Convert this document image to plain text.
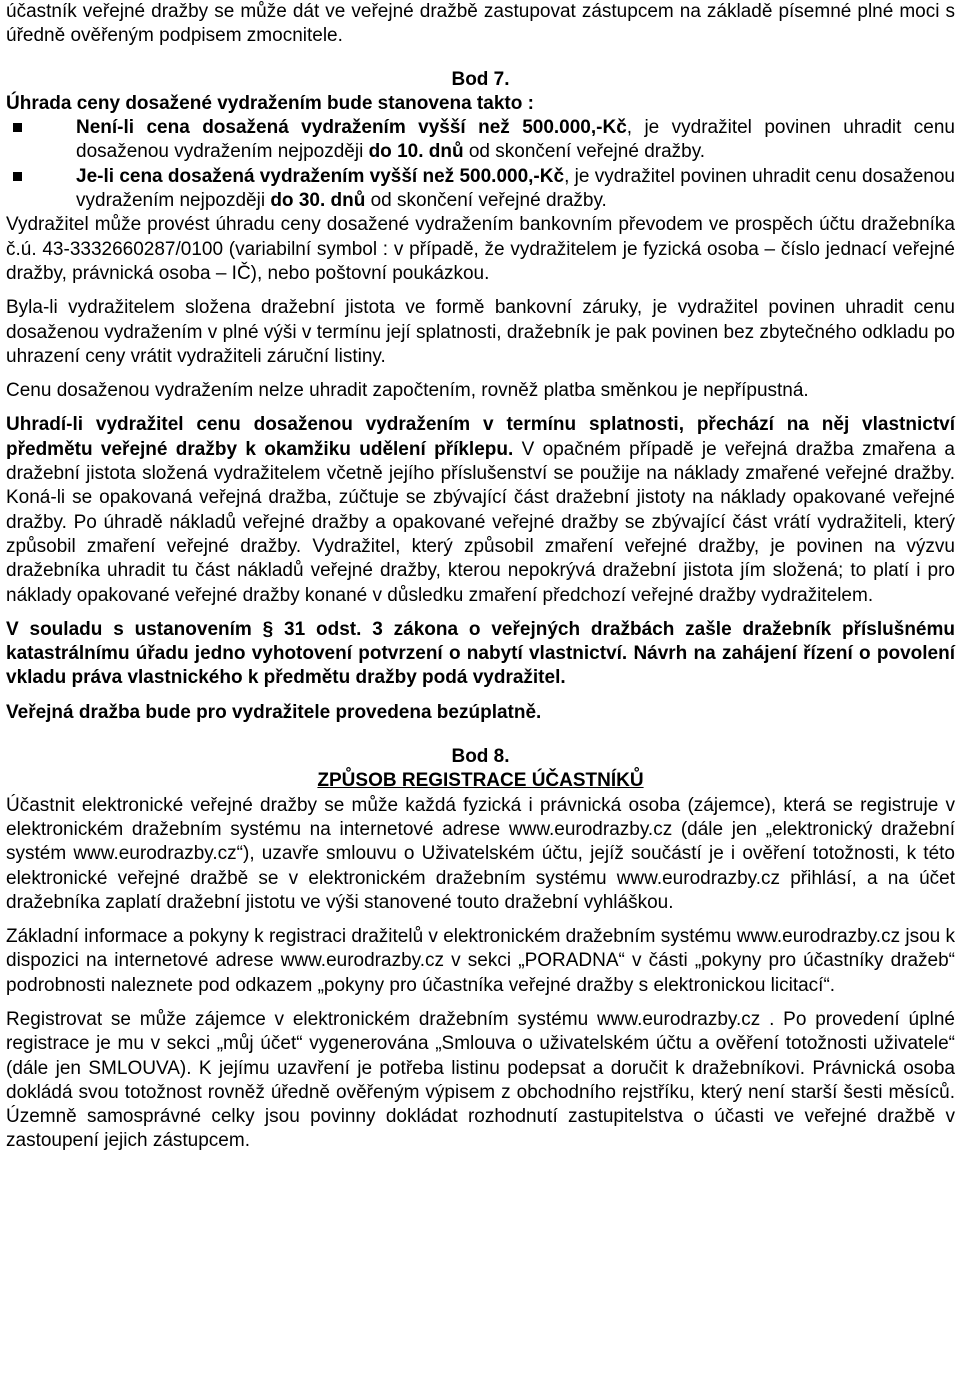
účastník veřejné dražby se může dát ve veřejné dražbě zastupovat zástupcem na základě písemné plné moci s úředně ověřeným podpisem zmocnitele.

Bod 7.

Úhrada ceny dosažené vydražením bude stanovena takto :

Není-li cena dosažená vydražením vyšší než 500.000,-Kč, je vydražitel povinen uhradit cenu dosaženou vydražením nejpozději do 10. dnů od skončení veřejné dražby.
Je-li cena dosažená vydražením vyšší než 500.000,-Kč, je vydražitel povinen uhradit cenu dosaženou vydražením nejpozději do 30. dnů od skončení veřejné dražby.

Vydražitel může provést úhradu ceny dosažené vydražením bankovním převodem ve prospěch účtu dražebníka č.ú. 43-3332660287/0100 (variabilní symbol : v případě, že vydražitelem je fyzická osoba – číslo jednací veřejné dražby, právnická osoba – IČ), nebo poštovní poukázkou.

Byla-li vydražitelem složena dražební jistota ve formě bankovní záruky, je vydražitel povinen uhradit cenu dosaženou vydražením v plné výši v termínu její splatnosti, dražebník je pak povinen bez zbytečného odkladu po uhrazení ceny vrátit vydražiteli záruční listiny.

Cenu dosaženou vydražením nelze uhradit započtením, rovněž platba směnkou je nepřípustná.

Uhradí-li vydražitel cenu dosaženou vydražením v termínu splatnosti, přechází na něj vlastnictví předmětu veřejné dražby k okamžiku udělení příklepu. V opačném případě je veřejná dražba zmařena a dražební jistota složená vydražitelem včetně jejího příslušenství se použije na náklady zmařené veřejné dražby. Koná-li se opakovaná veřejná dražba, zúčtuje se zbývající část dražební jistoty na náklady opakované veřejné dražby. Po úhradě nákladů veřejné dražby a opakované veřejné dražby se zbývající část vrátí vydražiteli, který způsobil zmaření veřejné dražby. Vydražitel, který způsobil zmaření veřejné dražby, je povinen na výzvu dražebníka uhradit tu část nákladů veřejné dražby, kterou nepokrývá dražební jistota jím složená; to platí i pro náklady opakované veřejné dražby konané v důsledku zmaření předchozí veřejné dražby vydražitelem.

V souladu s ustanovením § 31 odst. 3 zákona o veřejných dražbách zašle dražebník příslušnému katastrálnímu úřadu jedno vyhotovení potvrzení o nabytí vlastnictví. Návrh na zahájení řízení o povolení vkladu práva vlastnického k předmětu dražby podá vydražitel.

Veřejná dražba bude pro vydražitele provedena bezúplatně.

Bod 8.

ZPŮSOB REGISTRACE ÚČASTNÍKŮ

Účastnit elektronické veřejné dražby se může každá fyzická i právnická osoba (zájemce), která se registruje v elektronickém dražebním systému na internetové adrese www.eurodrazby.cz (dále jen „elektronický dražební systém www.eurodrazby.cz“), uzavře smlouvu o Uživatelském účtu, jejíž součástí je i ověření totožnosti, k této elektronické veřejné dražbě se v elektronickém dražebním systému www.eurodrazby.cz přihlásí, a na účet dražebníka zaplatí dražební jistotu ve výši stanovené touto dražební vyhláškou.

Základní informace a pokyny k registraci dražitelů v elektronickém dražebním systému www.eurodrazby.cz jsou k dispozici na internetové adrese www.eurodrazby.cz v sekci „PORADNA“ v části „pokyny pro účastníky dražeb“ podrobnosti naleznete pod odkazem „pokyny pro účastníka veřejné dražby s elektronickou licitací“.

Registrovat se může zájemce v elektronickém dražebním systému www.eurodrazby.cz . Po provedení úplné registrace je mu v sekci „můj účet“ vygenerována „Smlouva o uživatelském účtu a ověření totožnosti uživatele“ (dále jen SMLOUVA). K jejímu uzavření je potřeba listinu podepsat a doručit k dražebníkovi. Právnická osoba dokládá svou totožnost rovněž úředně ověřeným výpisem z obchodního rejstříku, který není starší šesti měsíců. Územně samosprávné celky jsou povinny dokládat rozhodnutí zastupitelstva o účasti ve veřejné dražbě v zastoupení jejich zástupcem.
